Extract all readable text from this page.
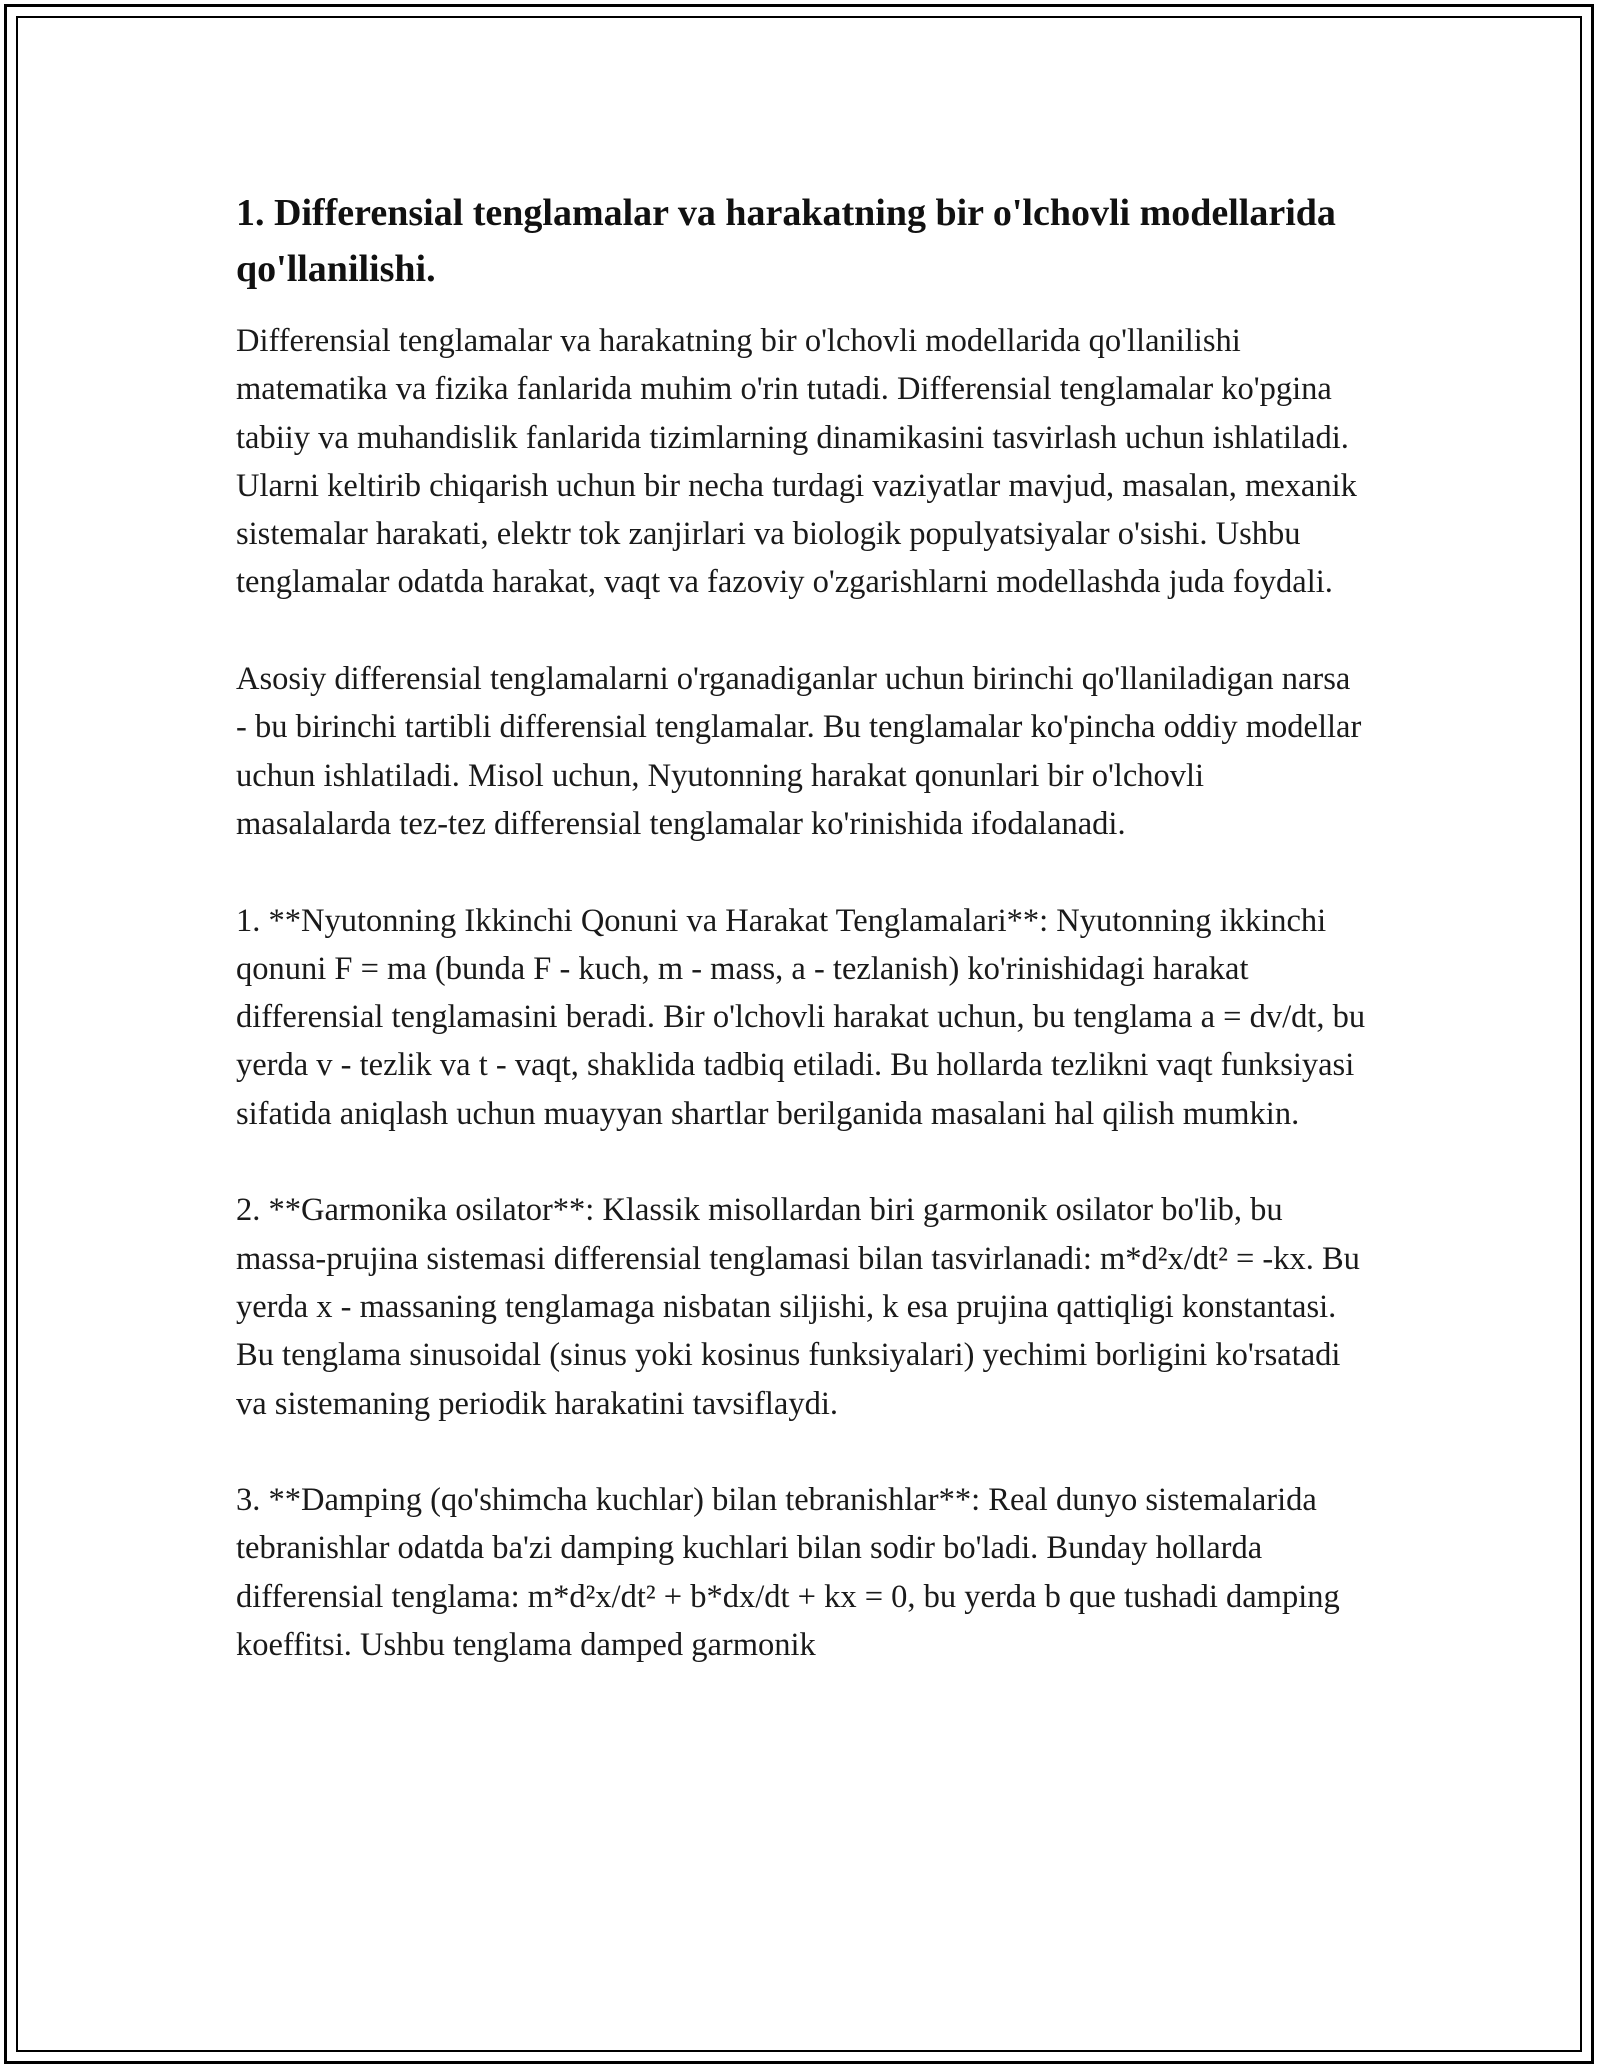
1. Differensial tenglamalar va harakatning bir o'lchovli modellarida qo'llanilishi.

Differensial tenglamalar va harakatning bir o'lchovli modellarida qo'llanilishi matematika va fizika fanlarida muhim o'rin tutadi. Differensial tenglamalar ko'pgina tabiiy va muhandislik fanlarida tizimlarning dinamikasini tasvirlash uchun ishlatiladi. Ularni keltirib chiqarish uchun bir necha turdagi vaziyatlar mavjud, masalan, mexanik sistemalar harakati, elektr tok zanjirlari va biologik populyatsiyalar o'sishi. Ushbu tenglamalar odatda harakat, vaqt va fazoviy o'zgarishlarni modellashda juda foydali.

Asosiy differensial tenglamalarni o'rganadiganlar uchun birinchi qo'llaniladigan narsa - bu birinchi tartibli differensial tenglamalar. Bu tenglamalar ko'pincha oddiy modellar uchun ishlatiladi. Misol uchun, Nyutonning harakat qonunlari bir o'lchovli masalalarda tez-tez differensial tenglamalar ko'rinishida ifodalanadi.

1. **Nyutonning Ikkinchi Qonuni va Harakat Tenglamalari**: Nyutonning ikkinchi qonuni F = ma (bunda F - kuch, m - mass, a - tezlanish) ko'rinishidagi harakat differensial tenglamasini beradi. Bir o'lchovli harakat uchun, bu tenglama a = dv/dt, bu yerda v - tezlik va t - vaqt, shaklida tadbiq etiladi. Bu hollarda tezlikni vaqt funksiyasi sifatida aniqlash uchun muayyan shartlar berilganida masalani hal qilish mumkin.

2. **Garmonika osilator**: Klassik misollardan biri garmonik osilator bo'lib, bu massa-prujina sistemasi differensial tenglamasi bilan tasvirlanadi: m*d²x/dt² = -kx. Bu yerda x - massaning tenglamaga nisbatan siljishi, k esa prujina qattiqligi konstantasi. Bu tenglama sinusoidal (sinus yoki kosinus funksiyalari) yechimi borligini ko'rsatadi va sistemaning periodik harakatini tavsiflaydi.

3. **Damping (qo'shimcha kuchlar) bilan tebranishlar**: Real dunyo sistemalarida tebranishlar odatda ba'zi damping kuchlari bilan sodir bo'ladi. Bunday hollarda differensial tenglama: m*d²x/dt² + b*dx/dt + kx = 0, bu yerda b que tushadi damping koeffitsi. Ushbu tenglama damped garmonik
